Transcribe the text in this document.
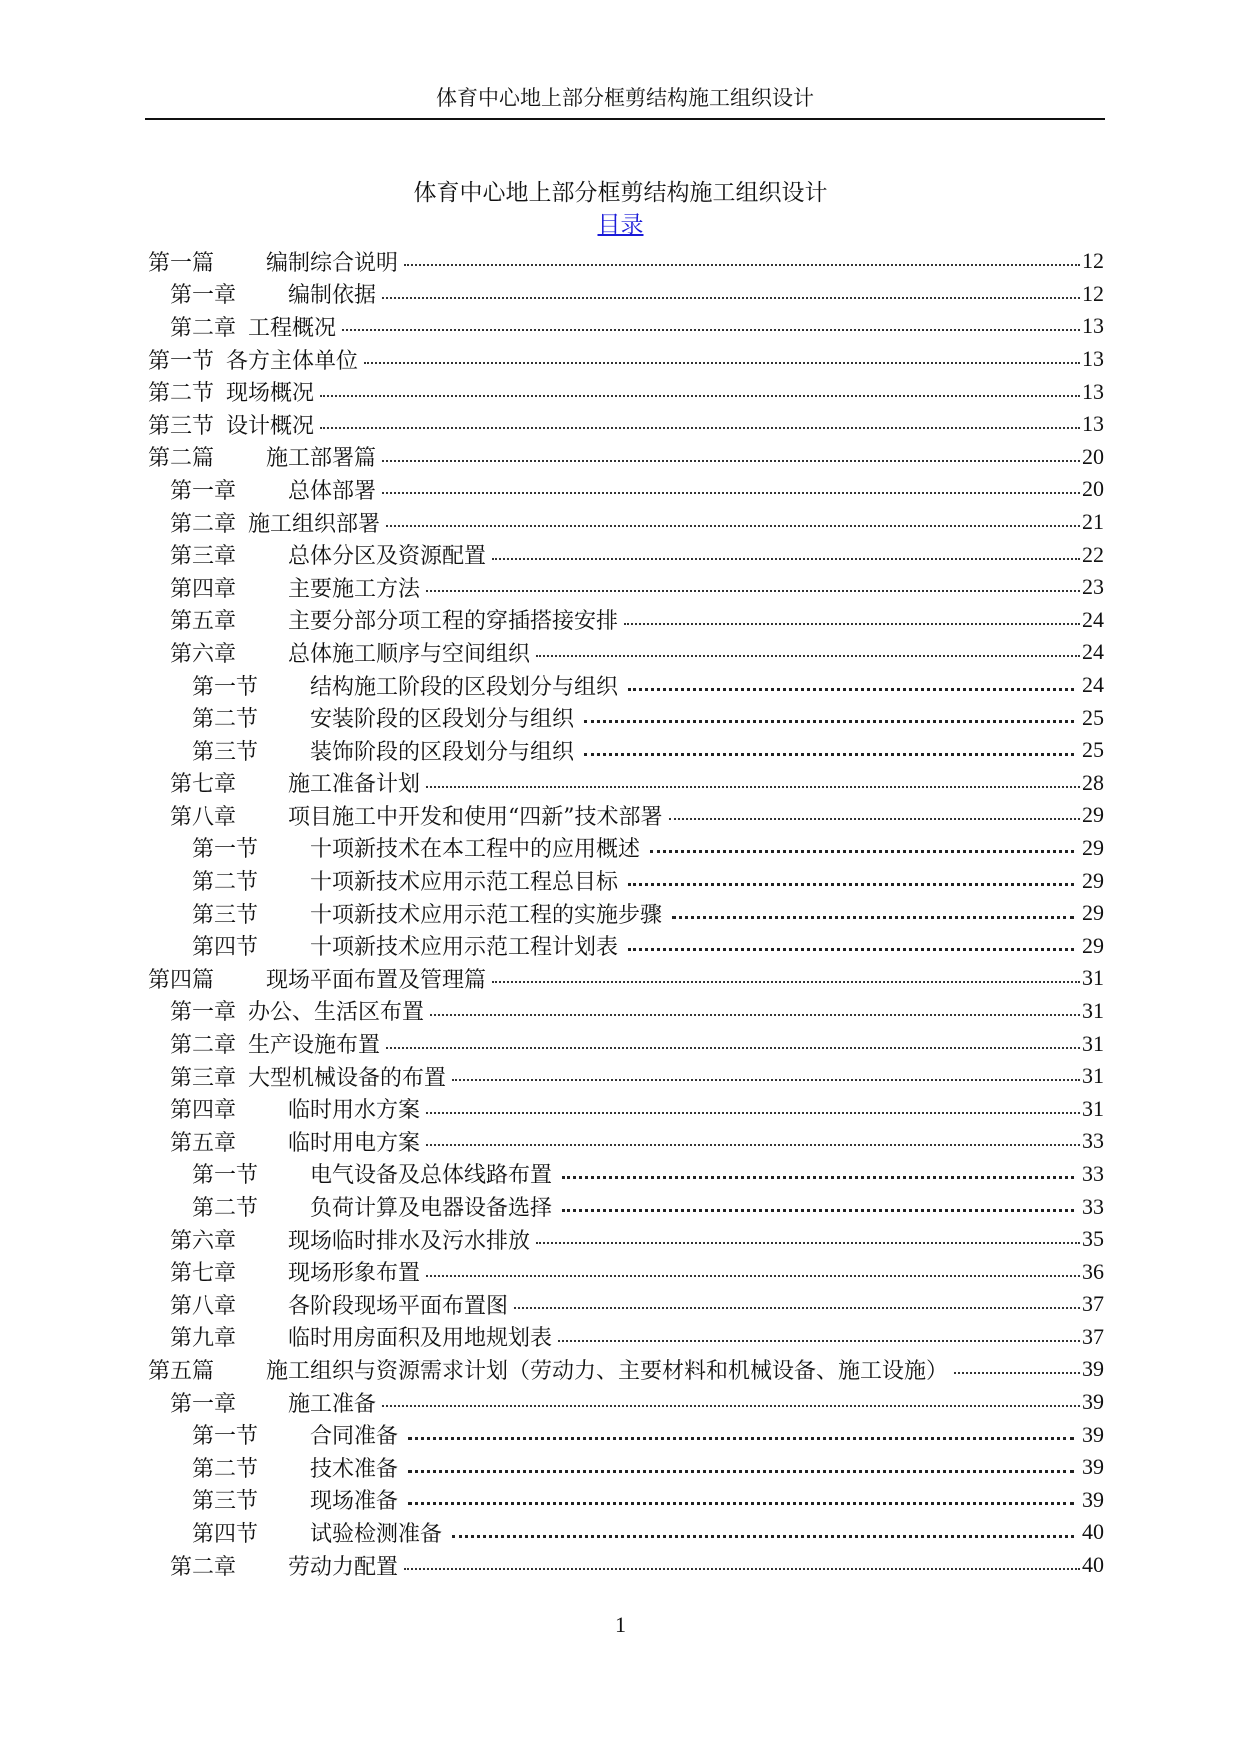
体育中心地上部分框剪结构施工组织设计
体育中心地上部分框剪结构施工组织设计
目录
第一篇 编制综合说明	12
第一章 编制依据	12
第二章 工程概况	13
第一节 各方主体单位	13
第二节 现场概况	13
第三节 设计概况	13
第二篇 施工部署篇	20
第一章 总体部署	20
第二章 施工组织部署	21
第三章 总体分区及资源配置	22
第四章 主要施工方法	23
第五章 主要分部分项工程的穿插搭接安排	24
第六章 总体施工顺序与空间组织	24
第一节 结构施工阶段的区段划分与组织	24
第二节 安装阶段的区段划分与组织	25
第三节 装饰阶段的区段划分与组织	25
第七章 施工准备计划	28
第八章 项目施工中开发和使用“四新”技术部署	29
第一节 十项新技术在本工程中的应用概述	29
第二节 十项新技术应用示范工程总目标	29
第三节 十项新技术应用示范工程的实施步骤	29
第四节 十项新技术应用示范工程计划表	29
第四篇 现场平面布置及管理篇	31
第一章 办公、生活区布置	31
第二章 生产设施布置	31
第三章 大型机械设备的布置	31
第四章 临时用水方案	31
第五章 临时用电方案	33
第一节 电气设备及总体线路布置	33
第二节 负荷计算及电器设备选择	33
第六章 现场临时排水及污水排放	35
第七章 现场形象布置	36
第八章 各阶段现场平面布置图	37
第九章 临时用房面积及用地规划表	37
第五篇 施工组织与资源需求计划（劳动力、主要材料和机械设备、施工设施）	39
第一章 施工准备	39
第一节 合同准备	39
第二节 技术准备	39
第三节 现场准备	39
第四节 试验检测准备	40
第二章 劳动力配置	40
1
